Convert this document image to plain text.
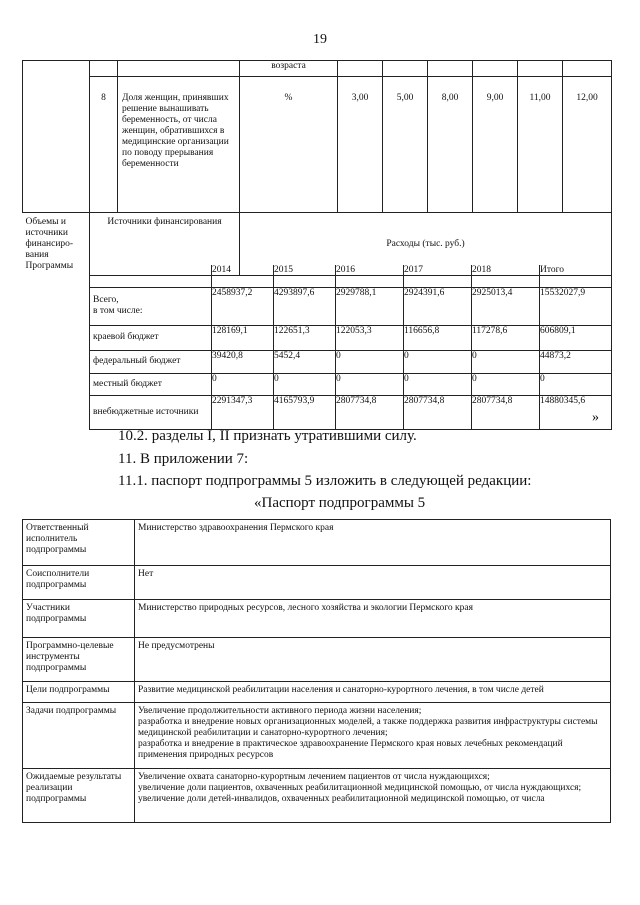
19
			возраста						
	8	Доля женщин, принявших решение вынашивать беременность, от числа женщин, обратившихся в медицинские организации по поводу прерывания беременности	%	3,00	5,00	8,00	9,00	11,00	12,00
Объемы и источники финансиро-вания Программы	Источники финансирования		Расходы (тыс. руб.)						
	2014	2015	2016	2017	2018	Итого
Всего,
в том числе:	2458937,2	4293897,6	2929788,1	2924391,6	2925013,4	15532027,9
краевой бюджет	128169,1	122651,3	122053,3	116656,8	117278,6	606809,1
федеральный бюджет	39420,8	5452,4	0	0	0	44873,2
местный бюджет	0	0	0	0	0	0
внебюджетные источники	2291347,3	4165793,9	2807734,8	2807734,8	2807734,8	14880345,6
»
10.2. разделы I, II признать утратившими силу.
11. В приложении 7:
11.1. паспорт подпрограммы 5 изложить в следующей редакции:
«Паспорт подпрограммы 5
Ответственный исполнитель подпрограммы	Министерство здравоохранения Пермского края
Соисполнители подпрограммы	Нет
Участники подпрограммы	Министерство природных ресурсов, лесного хозяйства и экологии Пермского края
Программно-целевые инструменты подпрограммы	Не предусмотрены
Цели подпрограммы	Развитие медицинской реабилитации населения и санаторно-курортного лечения, в том числе детей
Задачи подпрограммы	Увеличение продолжительности активного периода жизни населения;
разработка и внедрение новых организационных моделей, а также поддержка развития инфраструктуры системы медицинской реабилитации и санаторно-курортного лечения;
разработка и внедрение в практическое здравоохранение Пермского края новых лечебных рекомендаций применения природных ресурсов
Ожидаемые результаты реализации подпрограммы	Увеличение охвата санаторно-курортным лечением пациентов от числа нуждающихся;
увеличение доли пациентов, охваченных реабилитационной медицинской помощью, от числа нуждающихся;
увеличение доли детей-инвалидов, охваченных реабилитационной медицинской помощью, от числа
